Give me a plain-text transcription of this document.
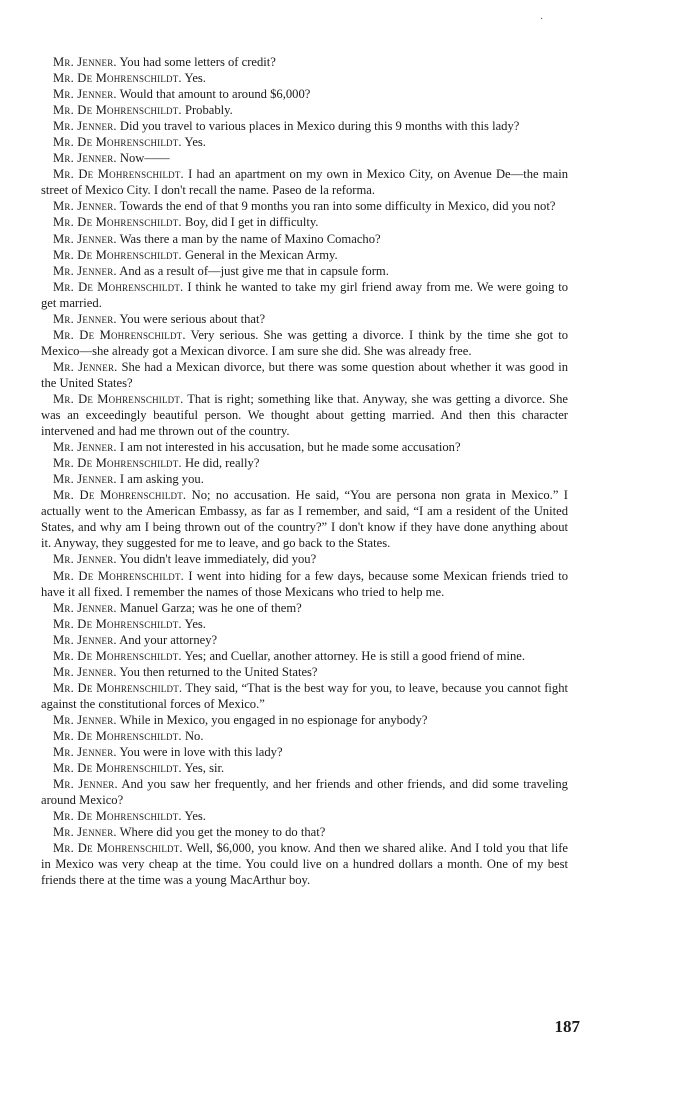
·

Mr. Jenner. You had some letters of credit?

Mr. De Mohrenschildt. Yes.

Mr. Jenner. Would that amount to around $6,000?

Mr. De Mohrenschildt. Probably.

Mr. Jenner. Did you travel to various places in Mexico during this 9 months with this lady?

Mr. De Mohrenschildt. Yes.

Mr. Jenner. Now——

Mr. De Mohrenschildt. I had an apartment on my own in Mexico City, on Avenue De—the main street of Mexico City. I don't recall the name. Paseo de la reforma.

Mr. Jenner. Towards the end of that 9 months you ran into some difficulty in Mexico, did you not?

Mr. De Mohrenschildt. Boy, did I get in difficulty.

Mr. Jenner. Was there a man by the name of Maxino Comacho?

Mr. De Mohrenschildt. General in the Mexican Army.

Mr. Jenner. And as a result of—just give me that in capsule form.

Mr. De Mohrenschildt. I think he wanted to take my girl friend away from me. We were going to get married.

Mr. Jenner. You were serious about that?

Mr. De Mohrenschildt. Very serious. She was getting a divorce. I think by the time she got to Mexico—she already got a Mexican divorce. I am sure she did. She was already free.

Mr. Jenner. She had a Mexican divorce, but there was some question about whether it was good in the United States?

Mr. De Mohrenschildt. That is right; something like that. Anyway, she was getting a divorce. She was an exceedingly beautiful person. We thought about getting married. And then this character intervened and had me thrown out of the country.

Mr. Jenner. I am not interested in his accusation, but he made some accusation?

Mr. De Mohrenschildt. He did, really?

Mr. Jenner. I am asking you.

Mr. De Mohrenschildt. No; no accusation. He said, “You are persona non grata in Mexico.” I actually went to the American Embassy, as far as I remember, and said, “I am a resident of the United States, and why am I being thrown out of the country?” I don't know if they have done anything about it. Anyway, they suggested for me to leave, and go back to the States.

Mr. Jenner. You didn't leave immediately, did you?

Mr. De Mohrenschildt. I went into hiding for a few days, because some Mexican friends tried to have it all fixed. I remember the names of those Mexicans who tried to help me.

Mr. Jenner. Manuel Garza; was he one of them?

Mr. De Mohrenschildt. Yes.

Mr. Jenner. And your attorney?

Mr. De Mohrenschildt. Yes; and Cuellar, another attorney. He is still a good friend of mine.

Mr. Jenner. You then returned to the United States?

Mr. De Mohrenschildt. They said, “That is the best way for you, to leave, because you cannot fight against the constitutional forces of Mexico.”

Mr. Jenner. While in Mexico, you engaged in no espionage for anybody?

Mr. De Mohrenschildt. No.

Mr. Jenner. You were in love with this lady?

Mr. De Mohrenschildt. Yes, sir.

Mr. Jenner. And you saw her frequently, and her friends and other friends, and did some traveling around Mexico?

Mr. De Mohrenschildt. Yes.

Mr. Jenner. Where did you get the money to do that?

Mr. De Mohrenschildt. Well, $6,000, you know. And then we shared alike. And I told you that life in Mexico was very cheap at the time. You could live on a hundred dollars a month. One of my best friends there at the time was a young MacArthur boy.

187
